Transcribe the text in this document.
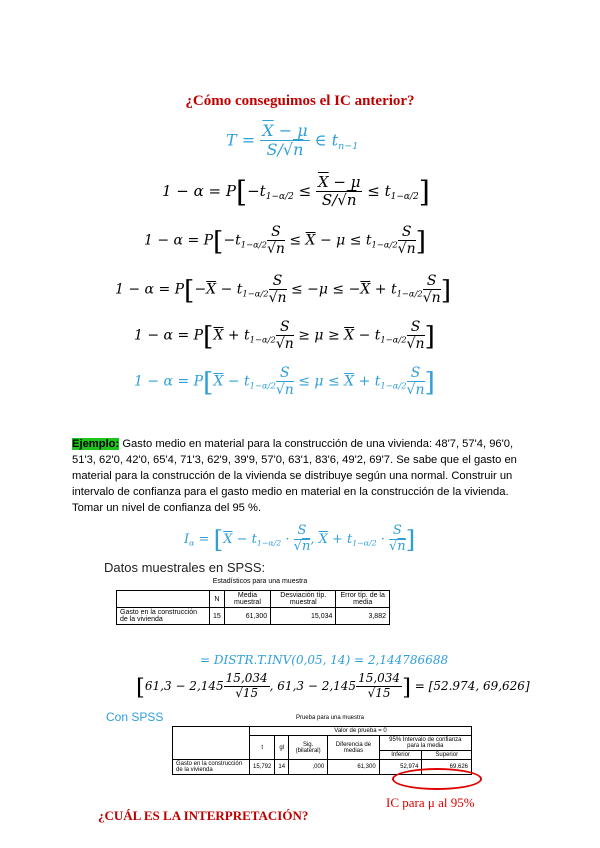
¿Cómo conseguimos el IC anterior?
$T = \frac{\overline{X} - \mu}{S/√n}$ ∈ $t_{n-1}$
$1 - \alpha = P[-t_{1-\alpha/2} \le \frac{\overline{X} - \mu}{S/√n} \le t_{1-\alpha/2}]$
$1 - \alpha = P[-t_{1-\alpha/2} \frac{S}{√n} \le \overline{X} - \mu \le t_{1-\alpha/2} \frac{S}{√n}$ ]
$1 - \alpha = P[-\overline{X} - t_{1-\alpha/2} \frac{S}{√n} \le -\mu \le -\overline{X} + t_{1-\alpha/2} \frac{S}{√n}$ ]
$1 - \alpha = P[\overline{X} + t_{1-\alpha/2} \frac{S}{√n} \ge \mu \ge \overline{X} - t_{1-\alpha/2} \frac{S}{√n}$ ]
$1 - \alpha = P[\overline{X} - t_{1-\alpha/2} \frac{S}{√n} \le \mu \le \overline{X} + t_{1-\alpha/2} \frac{S}{√n}$ ]
Ejemplo: Gasto medio en material para la construcción de una vivienda: 48'7, 57'4, 96'0, 51'3, 62'0, 42'0, 65'4, 71'3, 62'9, 39'9, 57'0, 63'1, 83'6, 49'2, 69'7. Se sabe que el gasto en material para la construcción de la vivienda se distribuye según una normal. Construir un intervalo de confianza para el gasto medio en material en la construcción de la vivienda. Tomar un nivel de confianza del 95 %.
$I_\alpha = [\overline{X} - t_{1-\alpha/2} \cdot \frac{S}{√n}$ , $\overline{X} + t_{1-\alpha/2} \cdot \frac{S}{√n}$ ]
Datos muestrales en SPSS:
Estadísticos para una muestra
	N	Media muestral	Desviación típ. muestral	Error típ. de la media
Gasto en la construcción de la vivienda	15	61,300	15,034	3,882
= DISTR.T.INV(0,05, 14) = 2,144786688
[$61,3 - 2,145 \frac{15,034}{√15}$ , $61,3 - 2,145 \frac{15,034}{√15}$ ] = [52.974, 69,626]
Con SPSS	Prueba para una muestra
	Valor de prueba = 0					
	t	gl	Sig. (bilateral)	Diferencia de medias	95% Intervalo de confianza para la media	
					Inferior	Superior
Gasto en la construcción de la vivienda	15,792	14	,000	61,300	52,974	69,626
IC para μ al 95%
¿CUÁL ES LA INTERPRETACIÓN?
